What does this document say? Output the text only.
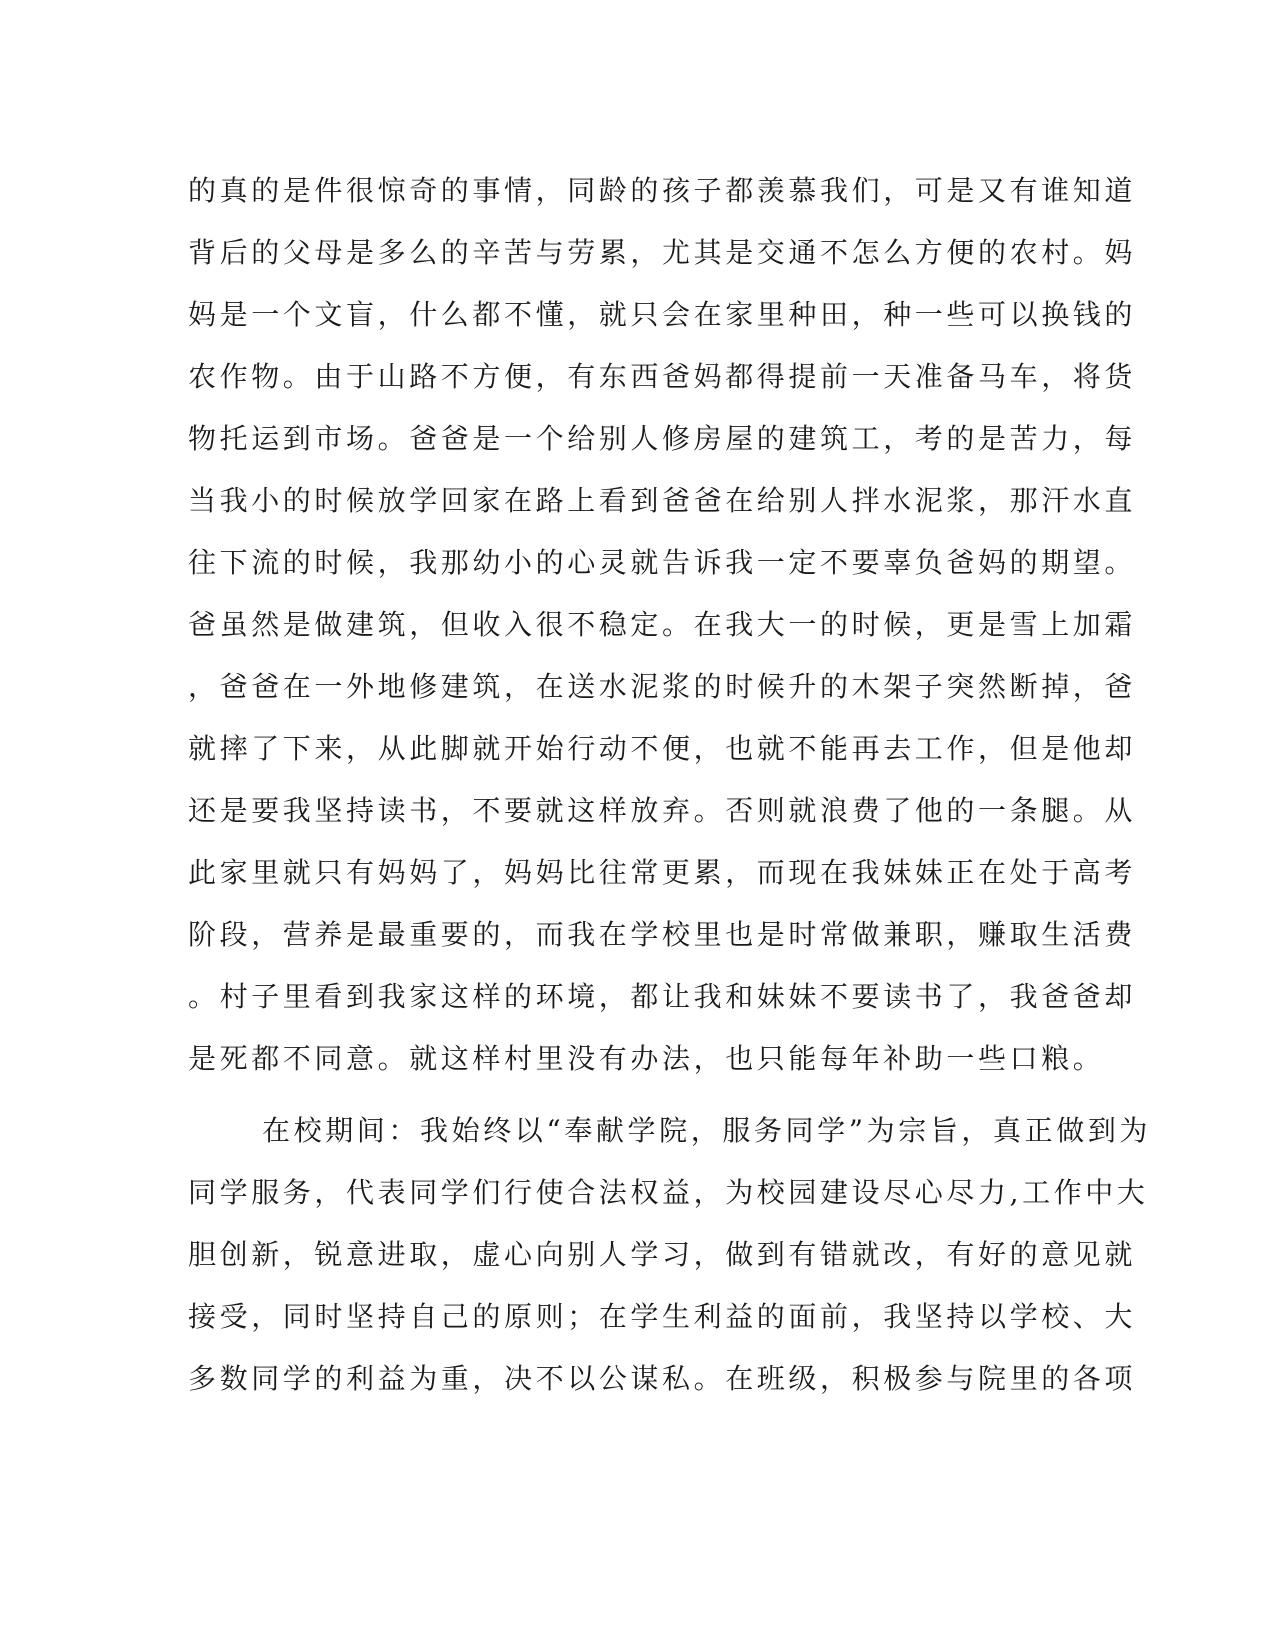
的真的是件很惊奇的事情，同龄的孩子都羡慕我们，可是又有谁知道
背后的父母是多么的辛苦与劳累，尤其是交通不怎么方便的农村。妈
妈是一个文盲，什么都不懂，就只会在家里种田，种一些可以换钱的
农作物。由于山路不方便，有东西爸妈都得提前一天准备马车，将货
物托运到市场。爸爸是一个给别人修房屋的建筑工，考的是苦力，每
当我小的时候放学回家在路上看到爸爸在给别人拌水泥浆，那汗水直
往下流的时候，我那幼小的心灵就告诉我一定不要辜负爸妈的期望。
爸虽然是做建筑，但收入很不稳定。在我大一的时候，更是雪上加霜
，爸爸在一外地修建筑，在送水泥浆的时候升的木架子突然断掉，爸
就摔了下来，从此脚就开始行动不便，也就不能再去工作，但是他却
还是要我坚持读书，不要就这样放弃。否则就浪费了他的一条腿。从
此家里就只有妈妈了，妈妈比往常更累，而现在我妹妹正在处于高考
阶段，营养是最重要的，而我在学校里也是时常做兼职，赚取生活费
。村子里看到我家这样的环境，都让我和妹妹不要读书了，我爸爸却
是死都不同意。就这样村里没有办法，也只能每年补助一些口粮。
在校期间：我始终以“奉献学院，服务同学”为宗旨，真正做到为
同学服务，代表同学们行使合法权益，为校园建设尽心尽力,工作中大
胆创新，锐意进取，虚心向别人学习，做到有错就改，有好的意见就
接受，同时坚持自己的原则；在学生利益的面前，我坚持以学校、大
多数同学的利益为重，决不以公谋私。在班级，积极参与院里的各项
